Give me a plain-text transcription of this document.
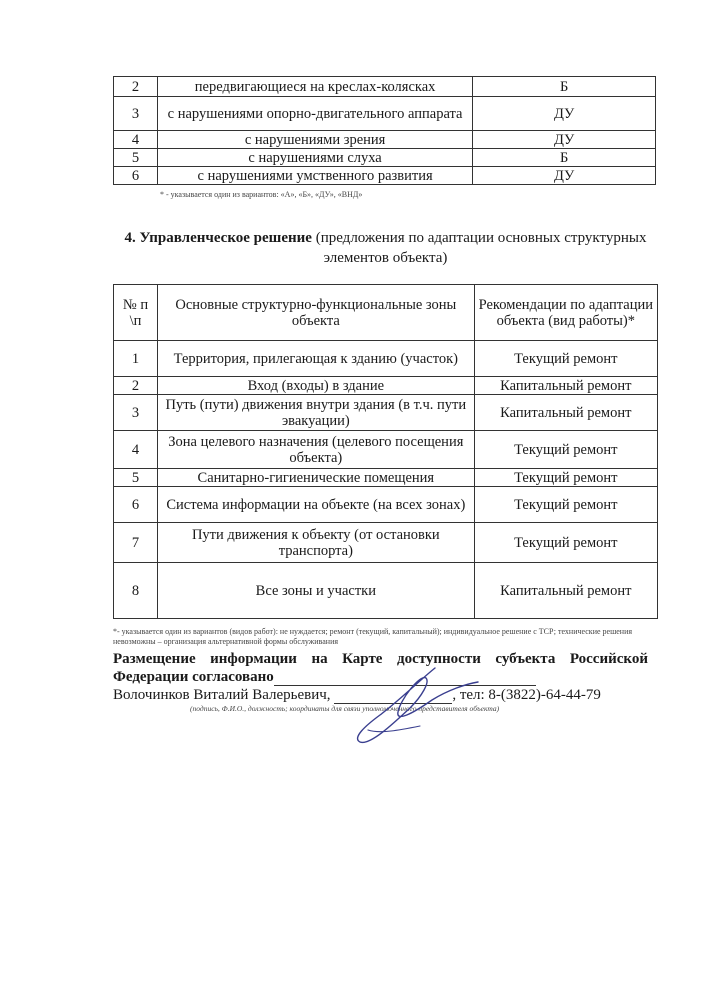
2	передвигающиеся на креслах-колясках	Б
3	с нарушениями опорно-двигательного аппарата	ДУ
4	с нарушениями зрения	ДУ
5	с нарушениями слуха	Б
6	с нарушениями умственного развития	ДУ
* - указывается один из вариантов: «А», «Б», «ДУ», «ВНД»
4. Управленческое решение (предложения по адаптации основных структурных элементов объекта)
№ п \п	Основные структурно-функциональные зоны объекта	Рекомендации по адаптации объекта (вид работы)*
1	Территория, прилегающая к зданию (участок)	Текущий ремонт
2	Вход (входы) в здание	Капитальный ремонт
3	Путь (пути) движения внутри здания (в т.ч. пути эвакуации)	Капитальный ремонт
4	Зона целевого назначения (целевого посещения объекта)	Текущий ремонт
5	Санитарно-гигиенические помещения	Текущий ремонт
6	Система информации на объекте (на всех зонах)	Текущий ремонт
7	Пути движения к объекту (от остановки транспорта)	Текущий ремонт
8	Все зоны и участки	Капитальный ремонт
*- указывается один из вариантов (видов работ): не нуждается; ремонт (текущий, капитальный); индивидуальное решение с ТСР; технические решения невозможны – организация альтернативной формы обслуживания
Размещение информации на Карте доступности субъекта Российской Федерации согласовано
Волочинков Виталий Валерьевич,	, тел: 8-(3822)-64-44-79
(подпись, Ф.И.О., должность; координаты для связи уполномоченного представителя объекта)
